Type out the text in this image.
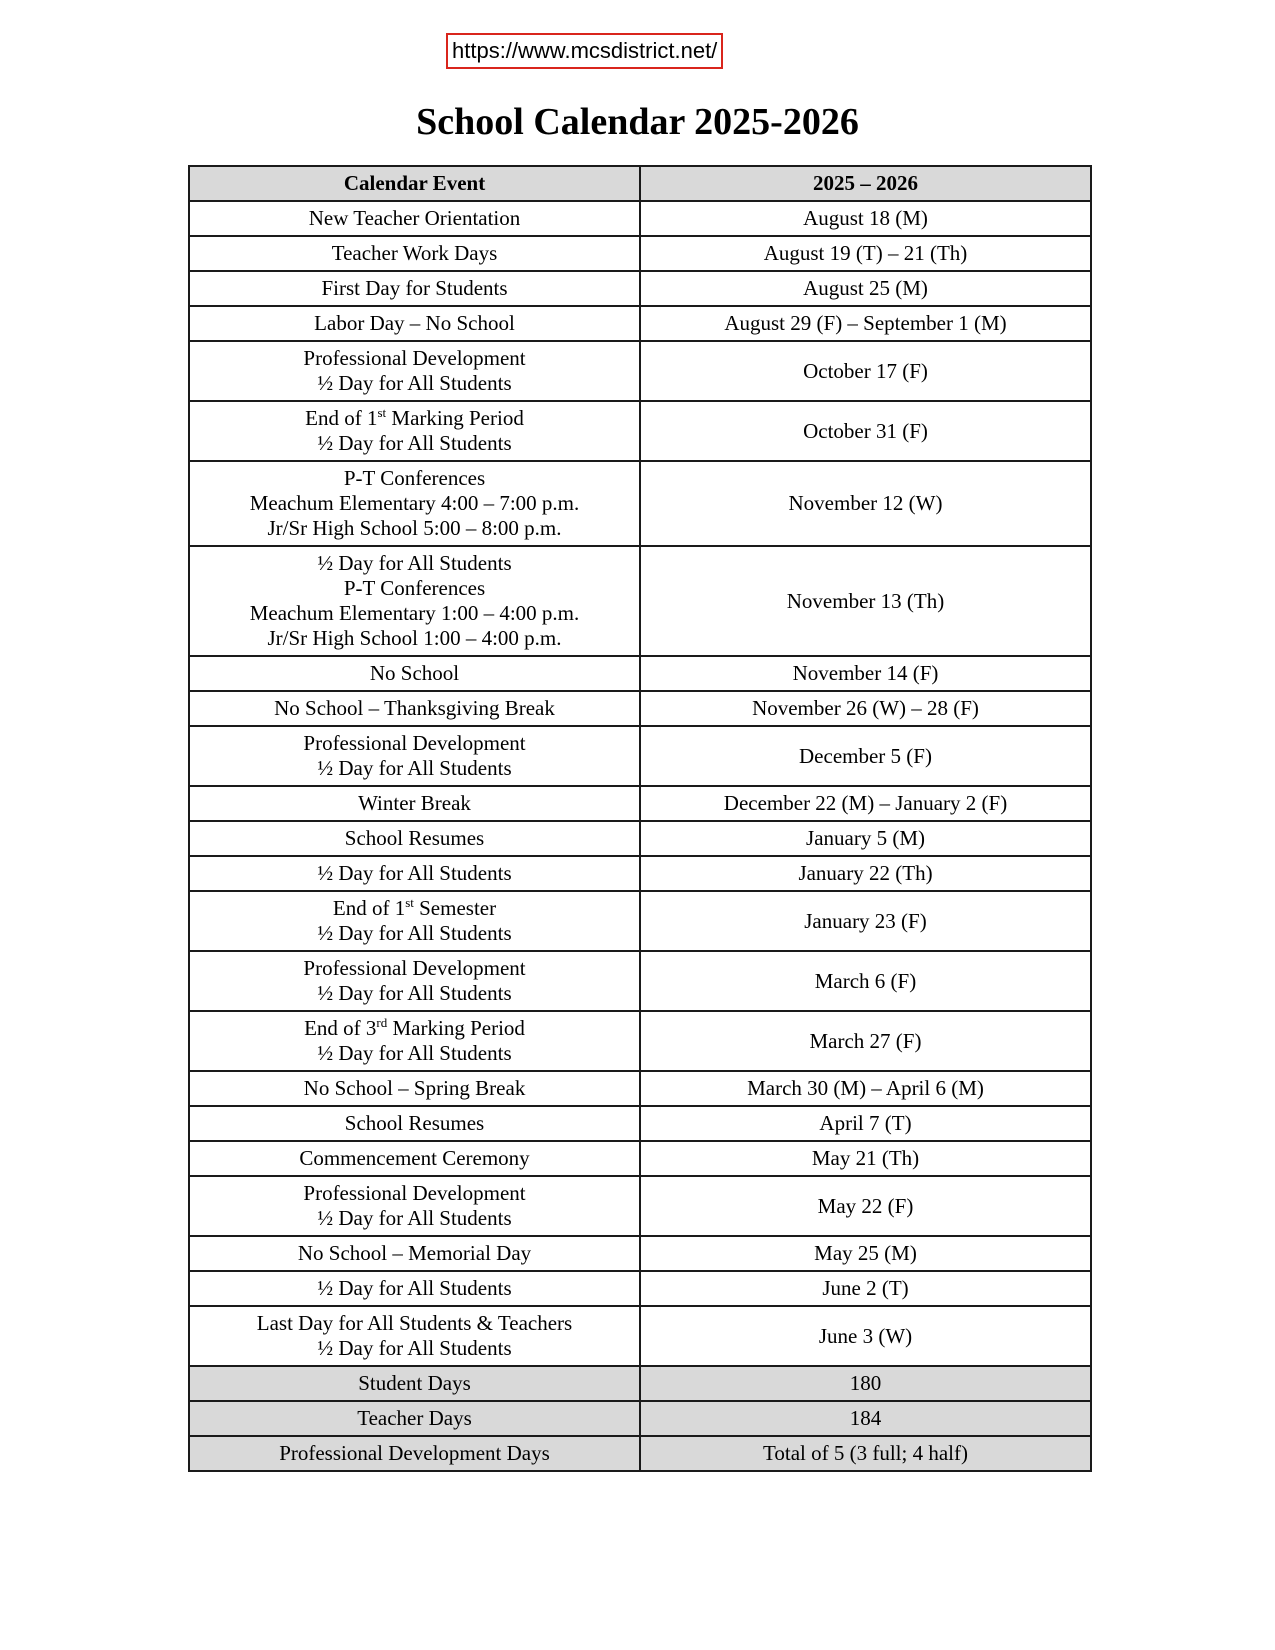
https://www.mcsdistrict.net/
School Calendar 2025-2026
Calendar Event	2025 – 2026

New Teacher Orientation	August 18 (M)

Teacher Work Days	August 19 (T) – 21 (Th)

First Day for Students	August 25 (M)

Labor Day – No School	August 29 (F) – September 1 (M)

Professional Development
½ Day for All Students	October 17 (F)

End of 1st Marking Period
½ Day for All Students	October 31 (F)

P-T Conferences
Meachum Elementary 4:00 – 7:00 p.m.
Jr/Sr High School 5:00 – 8:00 p.m.	November 12 (W)

½ Day for All Students
P-T Conferences
Meachum Elementary 1:00 – 4:00 p.m.
Jr/Sr High School 1:00 – 4:00 p.m.	November 13 (Th)

No School	November 14 (F)

No School – Thanksgiving Break	November 26 (W) – 28 (F)

Professional Development
½ Day for All Students	December 5 (F)

Winter Break	December 22 (M) – January 2 (F)

School Resumes	January 5 (M)

½ Day for All Students	January 22 (Th)

End of 1st Semester
½ Day for All Students	January 23 (F)

Professional Development
½ Day for All Students	March 6 (F)

End of 3rd Marking Period
½ Day for All Students	March 27 (F)

No School – Spring Break	March 30 (M) – April 6 (M)

School Resumes	April 7 (T)

Commencement Ceremony	May 21 (Th)

Professional Development
½ Day for All Students	May 22 (F)

No School – Memorial Day	May 25 (M)

½ Day for All Students	June 2 (T)

Last Day for All Students & Teachers
½ Day for All Students	June 3 (W)
Student Days	180
Teacher Days	184
Professional Development Days	Total of 5 (3 full; 4 half)
